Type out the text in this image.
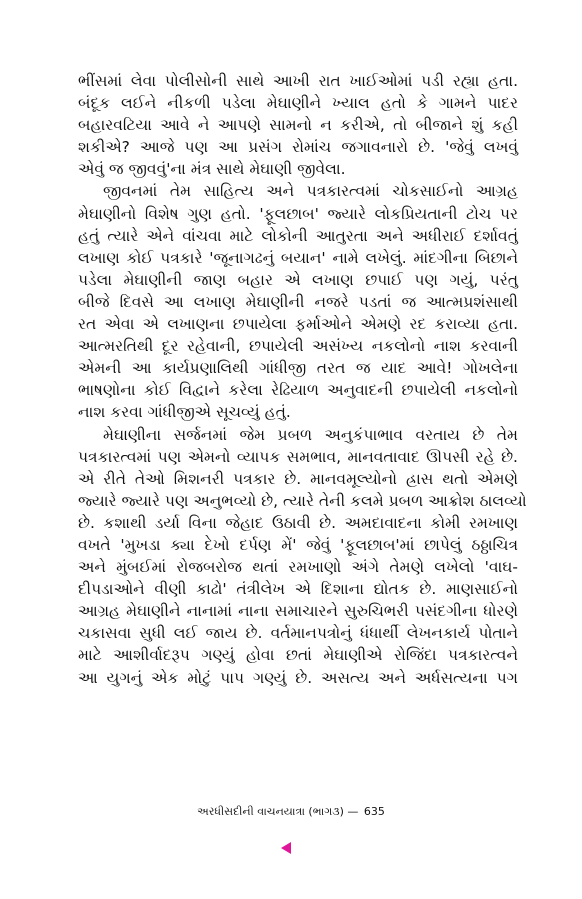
ભીંસમાં લેવા પોલીસોની સાથે આખી રાત ખાઈઓમાં પડી રહ્યા હતા.
બંદૂક લઈને નીકળી પડેલા મેઘાણીને ખ્યાલ હતો કે ગામને પાદર
બહારવટિયા આવે ને આપણે સામનો ન કરીએ, તો બીજાને શું કહી
શકીએ? આજે પણ આ પ્રસંગ રોમાંચ જગાવનારો છે. 'જેવું લખવું
એવું જ જીવવું'ના મંત્ર સાથે મેઘાણી જીવેલા.
જીવનમાં તેમ સાહિત્ય અને પત્રકારત્વમાં ચોકસાઈનો આગ્રહ
મેઘાણીનો વિશેષ ગુણ હતો. 'ફૂલછાબ' જ્યારે લોકપ્રિયતાની ટોચ પર
હતું ત્યારે એને વાંચવા માટે લોકોની આતુરતા અને અધીરાઈ દર્શાવતું
લખાણ કોઈ પત્રકારે 'જૂનાગઢનું બયાન' નામે લખેલું. માંદગીના બિછાને
પડેલા મેઘાણીની જાણ બહાર એ લખાણ છપાઈ પણ ગયું, પરંતુ
બીજે દિવસે આ લખાણ મેઘાણીની નજરે પડતાં જ આત્મપ્રશંસાથી
રત એવા એ લખાણના છપાયેલા ફર્માઓને એમણે રદ કરાવ્યા હતા.
આત્મરતિથી દૂર રહેવાની, છપાયેલી અસંખ્ય નકલોનો નાશ કરવાની
એમની આ કાર્યપ્રણાલિથી ગાંધીજી તરત જ યાદ આવે! ગોખલેના
ભાષણોના કોઈ વિદ્વાને કરેલા રેઢિયાળ અનુવાદની છપાયેલી નકલોનો
નાશ કરવા ગાંધીજીએ સૂચવ્યું હતું.
મેઘાણીના સર્જનમાં જેમ પ્રબળ અનુકંપાભાવ વરતાય છે તેમ
પત્રકારત્વમાં પણ એમનો વ્યાપક સમભાવ, માનવતાવાદ ઊપસી રહે છે.
એ રીતે તેઓ મિશનરી પત્રકાર છે. માનવમૂલ્યોનો હ્રાસ થતો એમણે
જ્યારે જ્યારે પણ અનુભવ્યો છે, ત્યારે તેની કલમે પ્રબળ આક્રોશ ઠાલવ્યો
છે. કશાથી ડર્યા વિના જેહાદ ઉઠાવી છે. અમદાવાદના કોમી રમખાણ
વખતે 'મુખડા ક્યા દેખો દર્પણ મેં' જેવું 'ફૂલછાબ'માં છાપેલું ઠઠ્ઠાચિત્ર
અને મુંબઈમાં રોજબરોજ થતાં રમખાણો અંગે તેમણે લખેલો 'વાઘ-
દીપડાઓને વીણી કાઢો' તંત્રીલેખ એ દિશાના દ્યોતક છે. માણસાઈનો
આગ્રહ મેઘાણીને નાનામાં નાના સમાચારને સુરુચિભરી પસંદગીના ધોરણે
ચકાસવા સુધી લઈ જાય છે. વર્તમાનપત્રોનું ધંધાર્થી લેખનકાર્ય પોતાને
માટે આશીર્વાદરૂપ ગણ્યું હોવા છતાં મેઘાણીએ રોજિંદા પત્રકારત્વને
આ યુગનું એક મોટું પાપ ગણ્યું છે. અસત્ય અને અર્ધસત્યના પગ
અરધીસદીની વાચનયાત્રા (ભાગ૩) — 635
